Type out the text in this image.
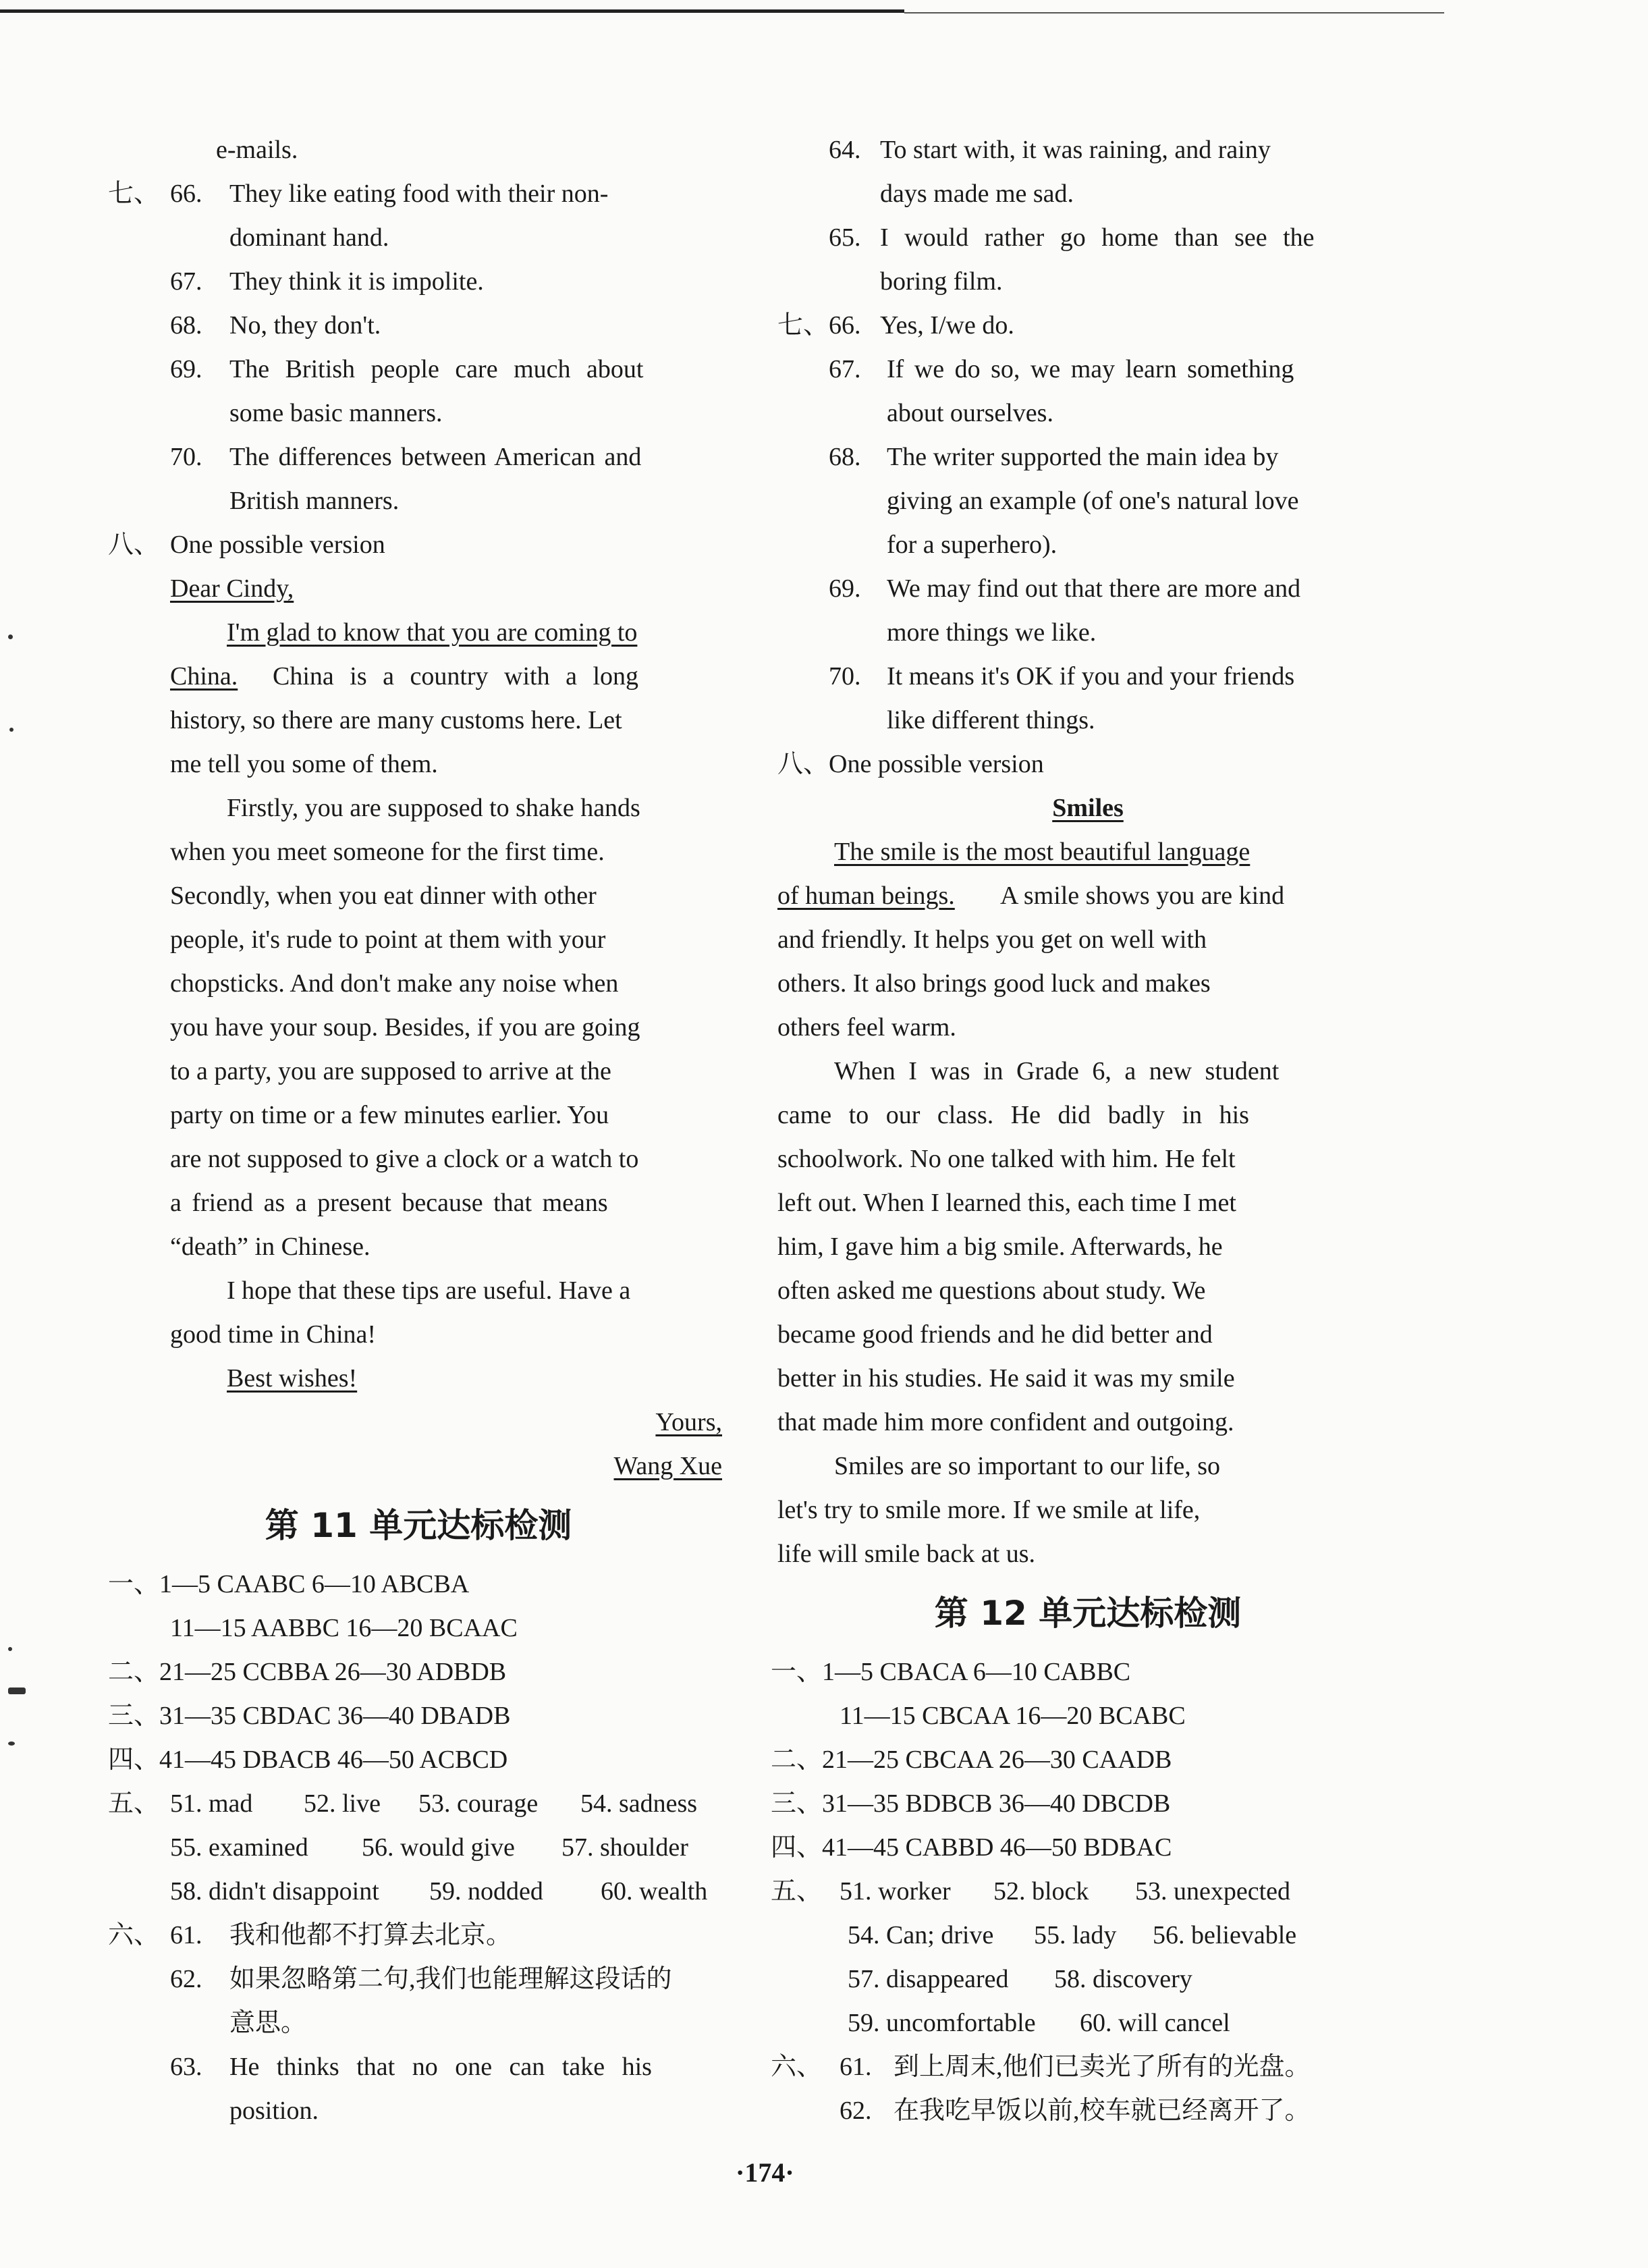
e-mails.
七、 66. They like eating food with their non-
dominant hand.
67. They think it is impolite.
68. No, they don't.
69. The British people care much about
some basic manners.
70. The differences between American and
British manners.
八、 One possible version
Dear Cindy,
I'm glad to know that you are coming to
China. China is a country with a long
history, so there are many customs here. Let
me tell you some of them.
Firstly, you are supposed to shake hands
when you meet someone for the first time.
Secondly, when you eat dinner with other
people, it's rude to point at them with your
chopsticks. And don't make any noise when
you have your soup. Besides, if you are going
to a party, you are supposed to arrive at the
party on time or a few minutes earlier. You
are not supposed to give a clock or a watch to
a friend as a present because that means
“death” in Chinese.
I hope that these tips are useful. Have a
good time in China!
Best wishes!
Yours,
Wang Xue
第 11 单元达标检测
一、1—5 CAABC 6—10 ABCBA
11—15 AABBC 16—20 BCAAC
二、21—25 CCBBA 26—30 ADBDB
三、31—35 CBDAC 36—40 DBADB
四、41—45 DBACB 46—50 ACBCD
五、 51. mad 52. live 53. courage 54. sadness
55. examined 56. would give 57. shoulder
58. didn't disappoint 59. nodded 60. wealth
六、 61. 我和他都不打算去北京。
62. 如果忽略第二句,我们也能理解这段话的
意思。
63. He thinks that no one can take his
position.
64. To start with, it was raining, and rainy
days made me sad.
65. I would rather go home than see the
boring film.
七、 66. Yes, I/we do.
67. If we do so, we may learn something
about ourselves.
68. The writer supported the main idea by
giving an example (of one's natural love
for a superhero).
69. We may find out that there are more and
more things we like.
70. It means it's OK if you and your friends
like different things.
八、 One possible version
Smiles
The smile is the most beautiful language
of human beings. A smile shows you are kind
and friendly. It helps you get on well with
others. It also brings good luck and makes
others feel warm.
When I was in Grade 6, a new student
came to our class. He did badly in his
schoolwork. No one talked with him. He felt
left out. When I learned this, each time I met
him, I gave him a big smile. Afterwards, he
often asked me questions about study. We
became good friends and he did better and
better in his studies. He said it was my smile
that made him more confident and outgoing.
Smiles are so important to our life, so
let's try to smile more. If we smile at life,
life will smile back at us.
第 12 单元达标检测
一、1—5 CBACA 6—10 CABBC
11—15 CBCAA 16—20 BCABC
二、21—25 CBCAA 26—30 CAADB
三、31—35 BDBCB 36—40 DBCDB
四、41—45 CABBD 46—50 BDBAC
五、 51. worker 52. block 53. unexpected
54. Can; drive 55. lady 56. believable
57. disappeared 58. discovery
59. uncomfortable 60. will cancel
六、 61. 到上周末,他们已卖光了所有的光盘。
62. 在我吃早饭以前,校车就已经离开了。
·174·
